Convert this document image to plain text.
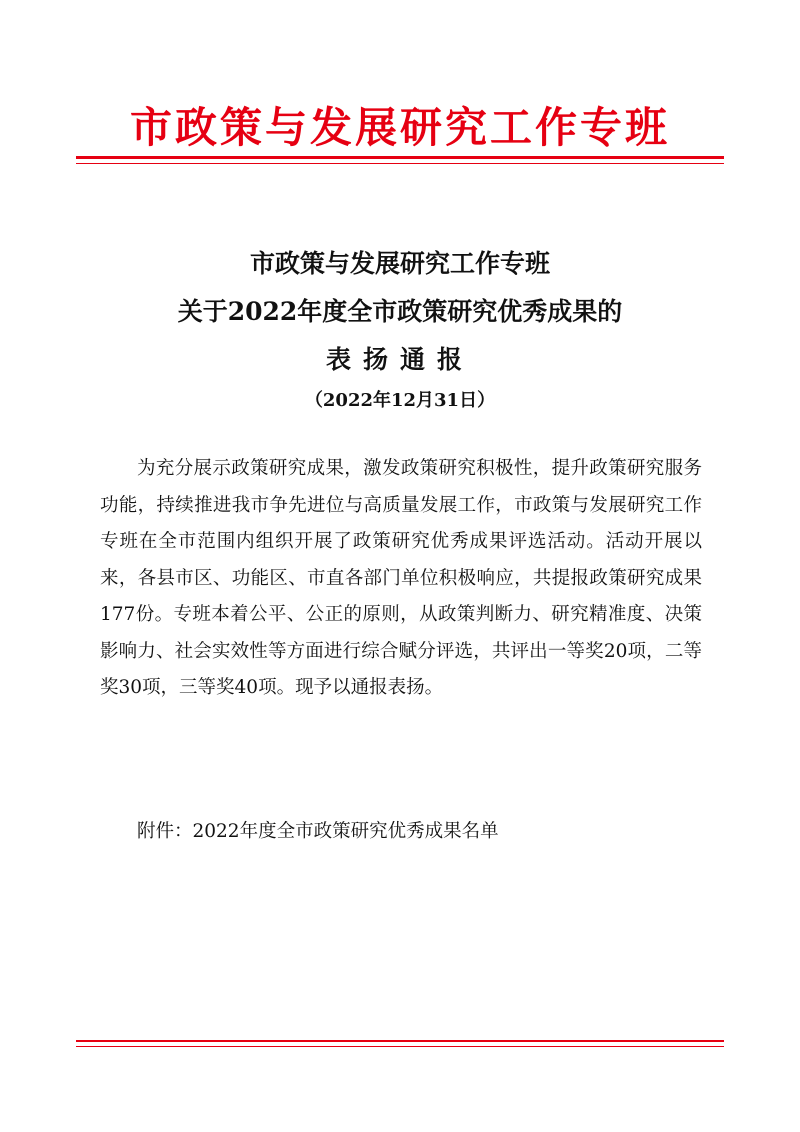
市政策与发展研究工作专班
市政策与发展研究工作专班
关于2022年度全市政策研究优秀成果的
表扬通报
（2022年12月31日）

为充分展示政策研究成果，激发政策研究积极性，提升政策研究服务功能，持续推进我市争先进位与高质量发展工作，市政策与发展研究工作专班在全市范围内组织开展了政策研究优秀成果评选活动。活动开展以来，各县市区、功能区、市直各部门单位积极响应，共提报政策研究成果177份。专班本着公平、公正的原则，从政策判断力、研究精准度、决策影响力、社会实效性等方面进行综合赋分评选，共评出一等奖20项，二等奖30项，三等奖40项。现予以通报表扬。

附件：2022年度全市政策研究优秀成果名单
